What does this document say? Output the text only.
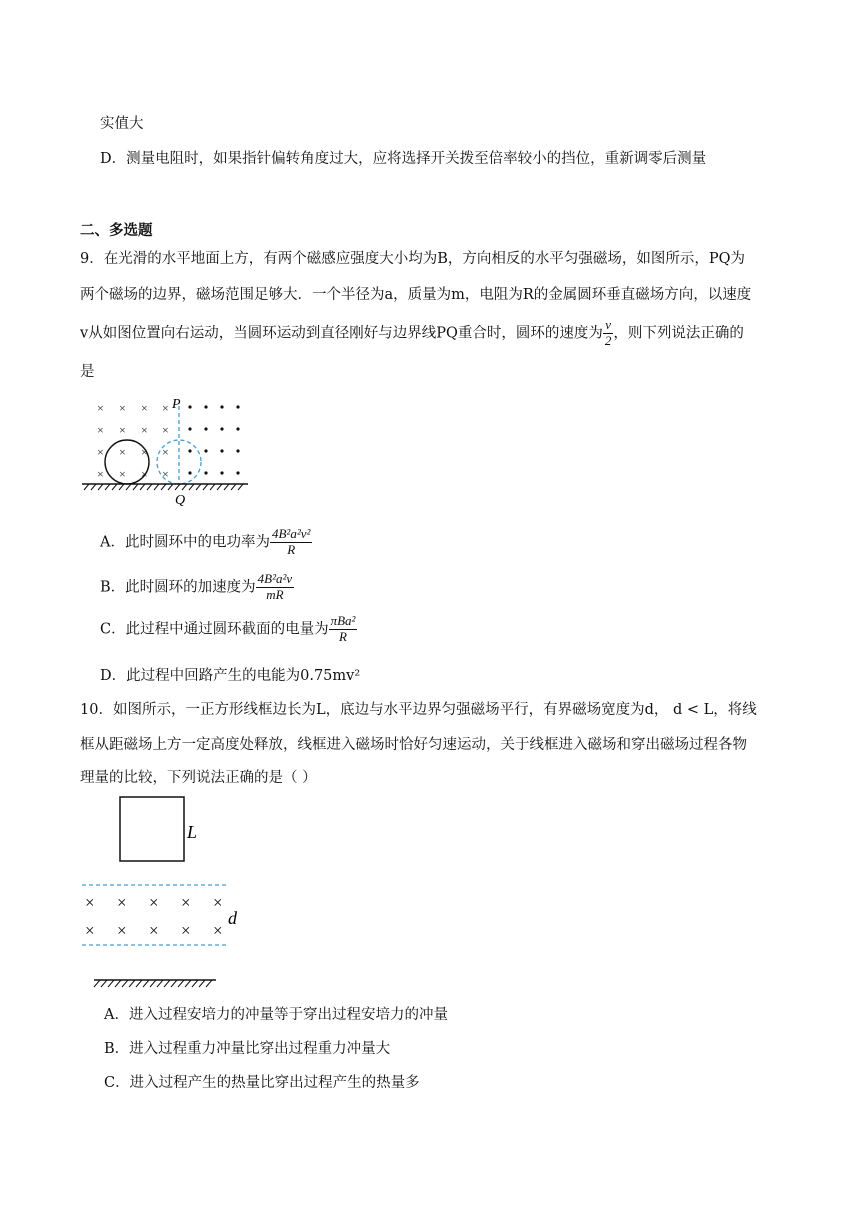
实值大
D．测量电阻时，如果指针偏转角度过大，应将选择开关拨至倍率较小的挡位，重新调零后测量
二、多选题
9．在光滑的水平地面上方，有两个磁感应强度大小均为B，方向相反的水平匀强磁场，如图所示，PQ为
两个磁场的边界，磁场范围足够大．一个半径为a，质量为m，电阻为R的金属圆环垂直磁场方向，以速度
v从如图位置向右运动，当圆环运动到直径刚好与边界线PQ重合时，圆环的速度为 $\frac{v}{2}$ ，则下列说法正确的
是
× × × ×
× × × ×
× × × ×
× × × ×
P
Q
A．此时圆环中的电功率为 $\frac{\text{4B²a²v²}}{R}$
B．此时圆环的加速度为 $\frac{\text{4B²a²v}}{mR}$
C．此过程中通过圆环截面的电量为 $\frac{\text{πBa²}}{R}$
D．此过程中回路产生的电能为0.75mv²
10．如图所示，一正方形线框边长为L，底边与水平边界匀强磁场平行，有界磁场宽度为d， d < L，将线
框从距磁场上方一定高度处释放，线框进入磁场时恰好匀速运动，关于线框进入磁场和穿出磁场过程各物
理量的比较，下列说法正确的是（ ）
L
× × × × ×
× × × × ×
d
A．进入过程安培力的冲量等于穿出过程安培力的冲量
B．进入过程重力冲量比穿出过程重力冲量大
C．进入过程产生的热量比穿出过程产生的热量多
